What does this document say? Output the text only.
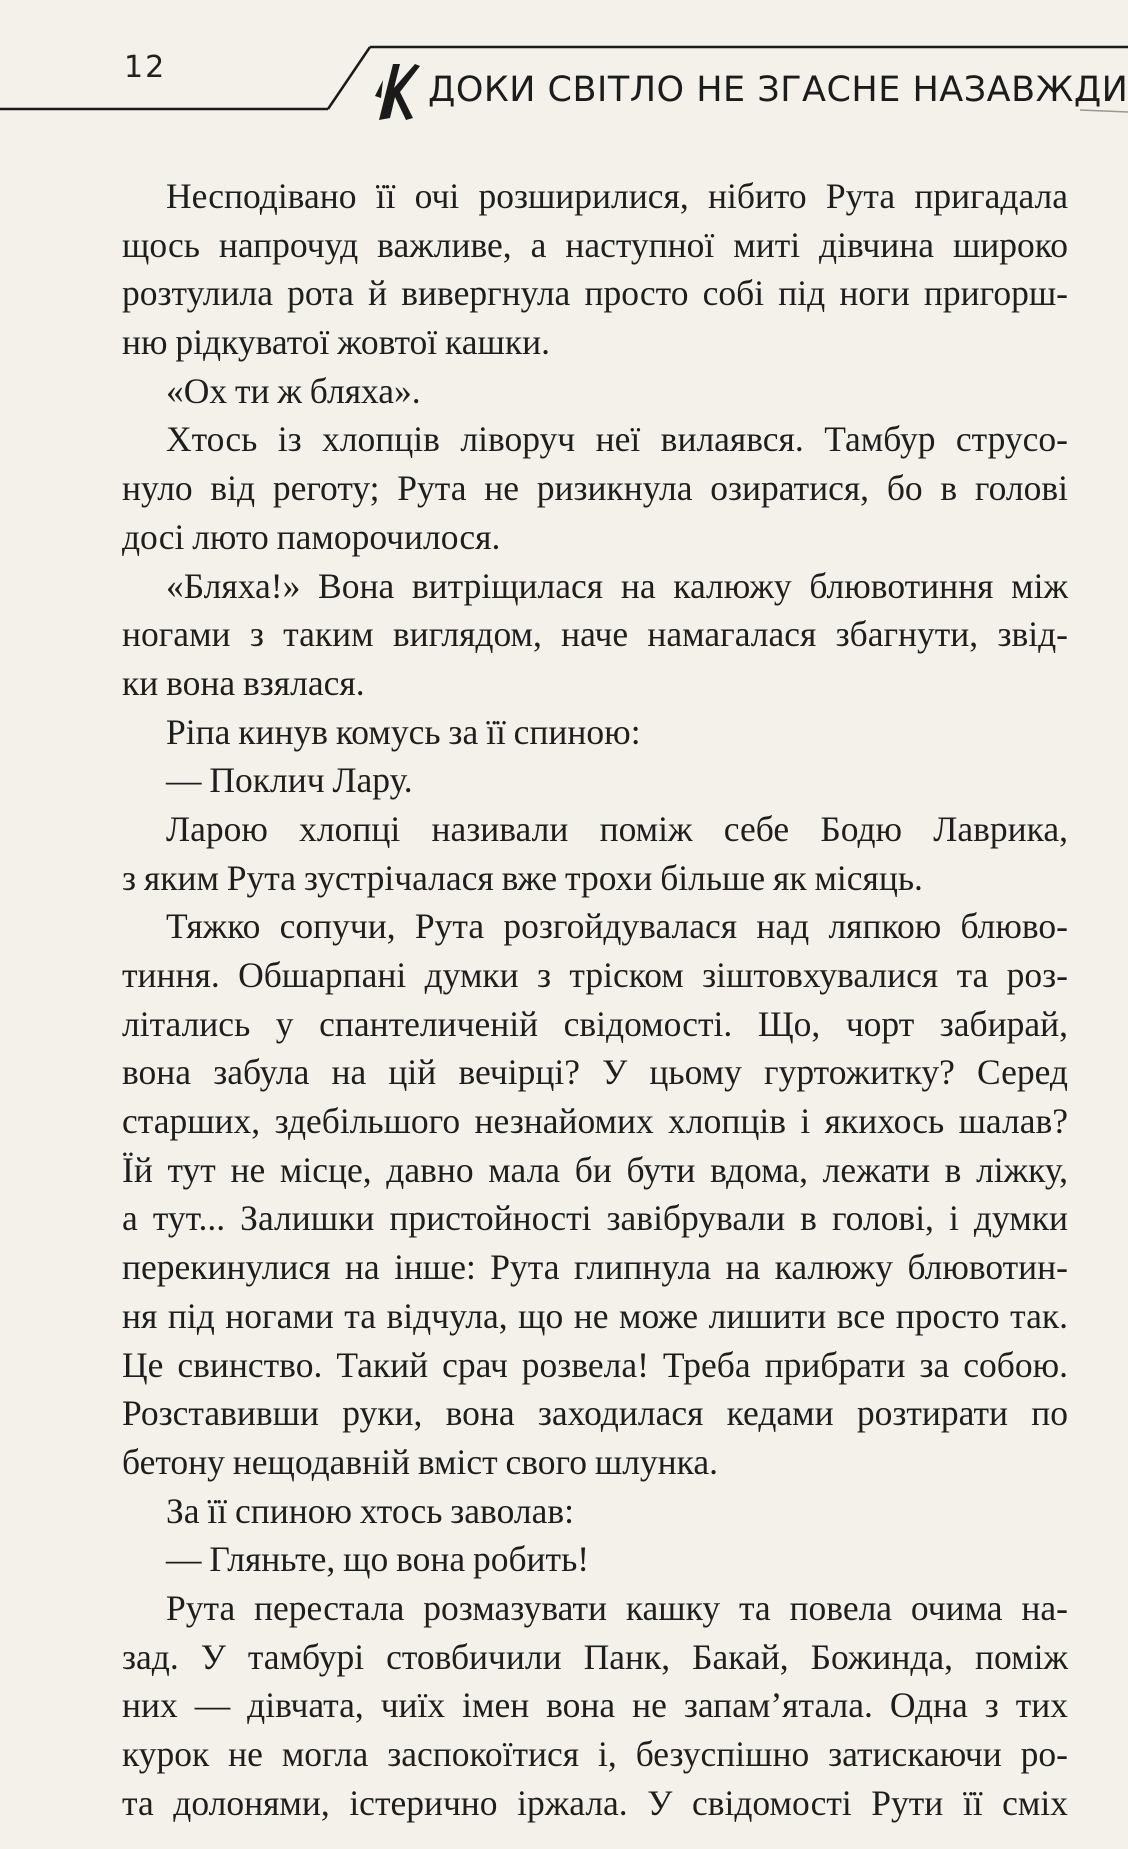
12
ДОКИ СВІТЛО НЕ ЗГАСНЕ НАЗАВЖДИ
Несподівано її очі розширилися, нібито Рута пригадала
щось напрочуд важливе, а наступної миті дівчина широко
розтулила рота й вивергнула просто собі під ноги пригорш-
ню рідкуватої жовтої кашки.
«Ох ти ж бляха».
Хтось із хлопців ліворуч неї вилаявся. Тамбур струсо-
нуло від реготу; Рута не ризикнула озиратися, бо в голові
досі люто паморочилося.
«Бляха!» Вона витріщилася на калюжу блювотиння між
ногами з таким виглядом, наче намагалася збагнути, звід-
ки вона взялася.
Ріпа кинув комусь за її спиною:
— Поклич Лару.
Ларою хлопці називали поміж себе Бодю Лаврика,
з яким Рута зустрічалася вже трохи більше як місяць.
Тяжко сопучи, Рута розгойдувалася над ляпкою блюво-
тиння. Обшарпані думки з тріском зіштовхувалися та роз-
літались у спантеличеній свідомості. Що, чорт забирай,
вона забула на цій вечірці? У цьому гуртожитку? Серед
старших, здебільшого незнайомих хлопців і якихось шалав?
Їй тут не місце, давно мала би бути вдома, лежати в ліжку,
а тут... Залишки пристойності завібрували в голові, і думки
перекинулися на інше: Рута глипнула на калюжу блювотин-
ня під ногами та відчула, що не може лишити все просто так.
Це свинство. Такий срач розвела! Треба прибрати за собою.
Розставивши руки, вона заходилася кедами розтирати по
бетону нещодавній вміст свого шлунка.
За її спиною хтось заволав:
— Гляньте, що вона робить!
Рута перестала розмазувати кашку та повела очима на-
зад. У тамбурі стовбичили Панк, Бакай, Божинда, поміж
них — дівчата, чиїх імен вона не запам’ятала. Одна з тих
курок не могла заспокоїтися і, безуспішно затискаючи ро-
та долонями, істерично іржала. У свідомості Рути її сміх
